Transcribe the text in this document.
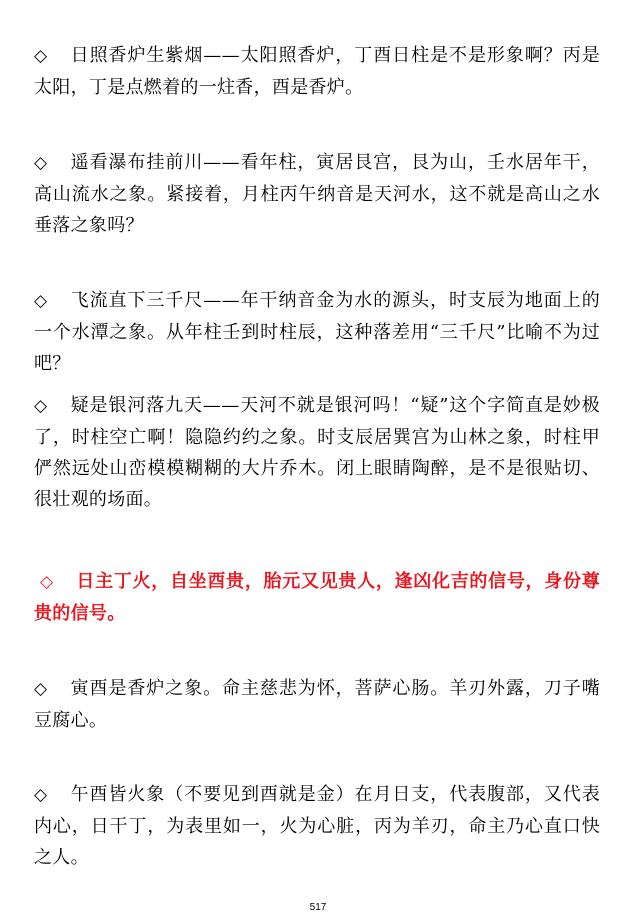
◇ 日照香炉生紫烟——太阳照香炉，丁酉日柱是不是形象啊？丙是太阳，丁是点燃着的一炷香，酉是香炉。

◇ 遥看瀑布挂前川——看年柱，寅居艮宫，艮为山，壬水居年干，高山流水之象。紧接着，月柱丙午纳音是天河水，这不就是高山之水垂落之象吗？

◇ 飞流直下三千尺——年干纳音金为水的源头，时支辰为地面上的一个水潭之象。从年柱壬到时柱辰，这种落差用“三千尺”比喻不为过吧？

◇ 疑是银河落九天——天河不就是银河吗！“疑”这个字简直是妙极了，时柱空亡啊！隐隐约约之象。时支辰居巽宫为山林之象，时柱甲俨然远处山峦模模糊糊的大片乔木。闭上眼睛陶醉，是不是很贴切、很壮观的场面。

◇ 日主丁火，自坐酉贵，胎元又见贵人，逢凶化吉的信号，身份尊贵的信号。

◇ 寅酉是香炉之象。命主慈悲为怀，菩萨心肠。羊刃外露，刀子嘴豆腐心。

◇ 午酉皆火象（不要见到酉就是金）在月日支，代表腹部，又代表内心，日干丁，为表里如一，火为心脏，丙为羊刃，命主乃心直口快之人。

517
